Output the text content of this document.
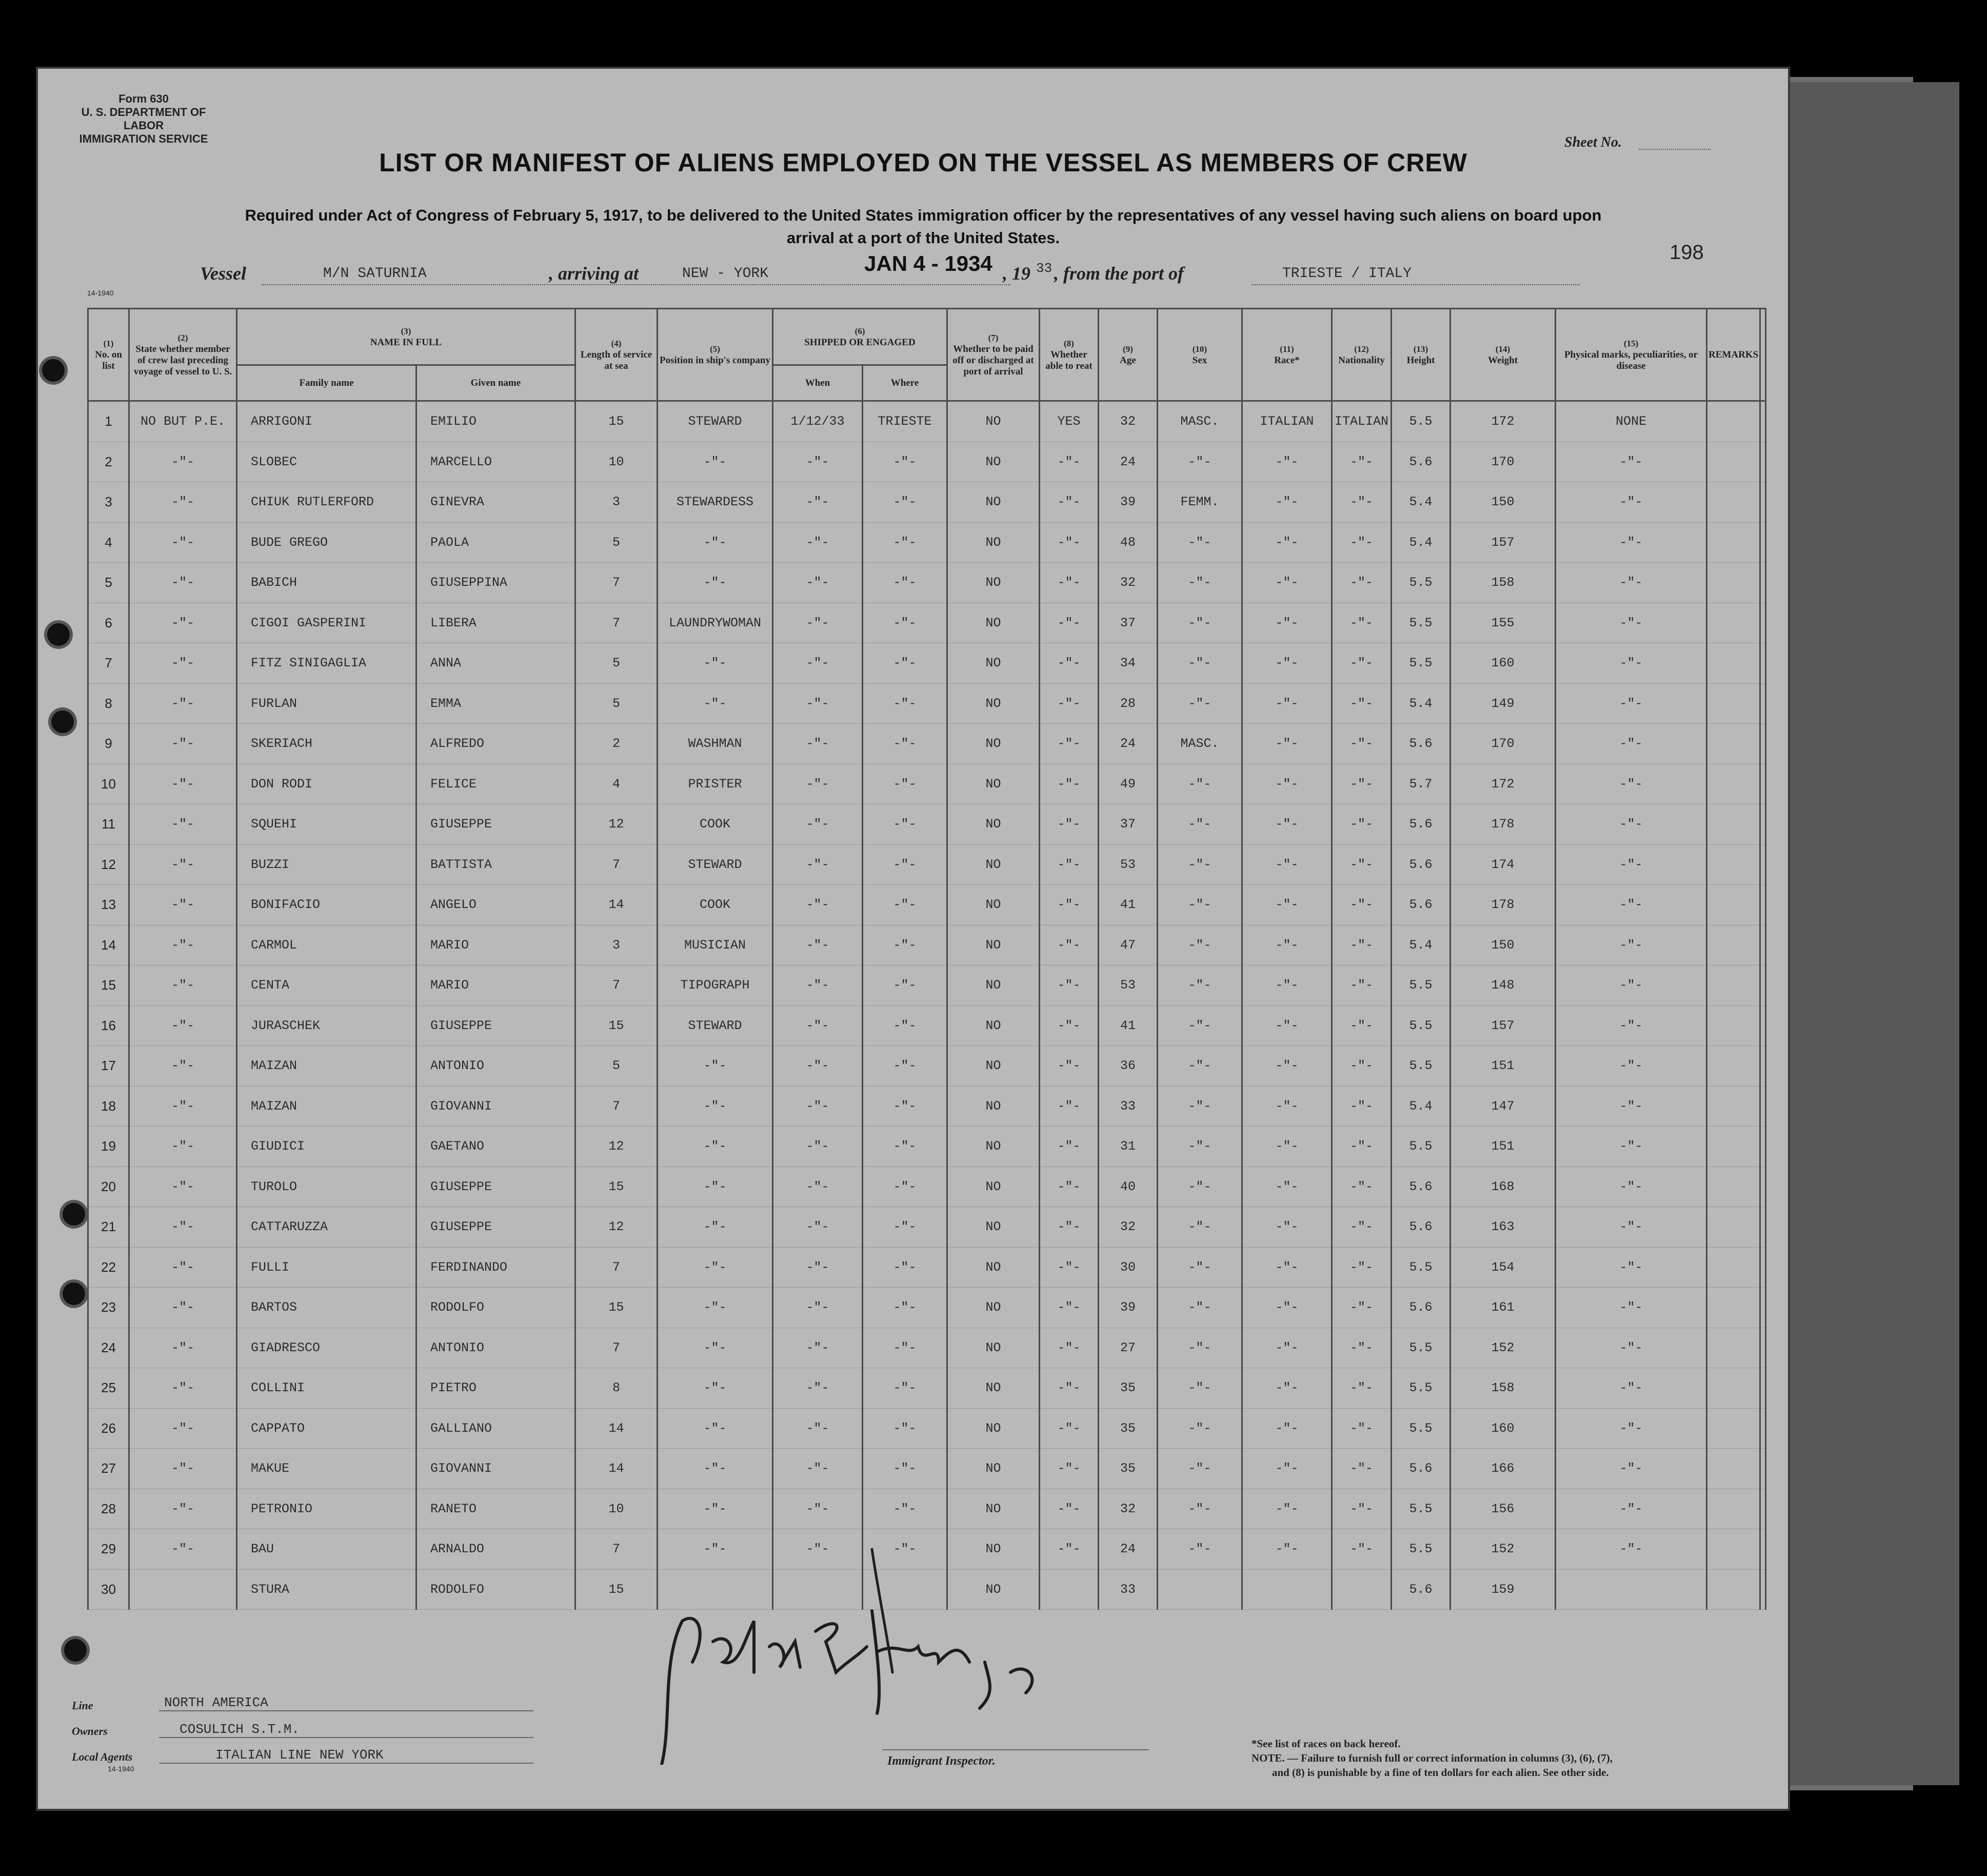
Form 630
U. S. DEPARTMENT OF LABOR
IMMIGRATION SERVICE	Sheet No.
LIST OR MANIFEST OF ALIENS EMPLOYED ON THE VESSEL AS MEMBERS OF CREW
Required under Act of Congress of February 5, 1917, to be delivered to the United States immigration officer by the representatives of any vessel having such aliens on board upon
arrival at a port of the United States.
198
Vessel	M/N SATURNIA	, arriving at	NEW - YORK	JAN 4 - 1934 , 19 33 , from the port of	TRIESTE / ITALY
14-1940
(1)
No. on list	(2)
State whether member of crew last preceding voyage of vessel to U. S.	(3)
NAME IN FULL		(4)
Length of service at sea	(5)
Position in ship's company	(6)
SHIPPED OR ENGAGED		(7)
Whether to be paid off or discharged at port of arrival	(8)
Whether able to reat	(9)
Age	(10)
Sex	(11)
Race*	(12)
Nationality	(13)
Height	(14)
Weight	(15)
Physical marks, peculiarities, or disease	REMARKS	
		Family name	Given name			When	Where											
1	NO BUT P.E.	ARRIGONI	EMILIO	15	STEWARD	1/12/33	TRIESTE	NO	YES	32	MASC.	ITALIAN	ITALIAN	5.5	172	NONE		
2	-"-	SLOBEC	MARCELLO	10	-"-	-"-	-"-	NO	-"-	24	-"-	-"-	-"-	5.6	170	-"-		
3	-"-	CHIUK RUTLERFORD	GINEVRA	3	STEWARDESS	-"-	-"-	NO	-"-	39	FEMM.	-"-	-"-	5.4	150	-"-		
4	-"-	BUDE GREGO	PAOLA	5	-"-	-"-	-"-	NO	-"-	48	-"-	-"-	-"-	5.4	157	-"-		
5	-"-	BABICH	GIUSEPPINA	7	-"-	-"-	-"-	NO	-"-	32	-"-	-"-	-"-	5.5	158	-"-		
6	-"-	CIGOI GASPERINI	LIBERA	7	LAUNDRYWOMAN	-"-	-"-	NO	-"-	37	-"-	-"-	-"-	5.5	155	-"-		
7	-"-	FITZ SINIGAGLIA	ANNA	5	-"-	-"-	-"-	NO	-"-	34	-"-	-"-	-"-	5.5	160	-"-		
8	-"-	FURLAN	EMMA	5	-"-	-"-	-"-	NO	-"-	28	-"-	-"-	-"-	5.4	149	-"-		
9	-"-	SKERIACH	ALFREDO	2	WASHMAN	-"-	-"-	NO	-"-	24	MASC.	-"-	-"-	5.6	170	-"-		
10	-"-	DON RODI	FELICE	4	PRISTER	-"-	-"-	NO	-"-	49	-"-	-"-	-"-	5.7	172	-"-		
11	-"-	SQUEHI	GIUSEPPE	12	COOK	-"-	-"-	NO	-"-	37	-"-	-"-	-"-	5.6	178	-"-		
12	-"-	BUZZI	BATTISTA	7	STEWARD	-"-	-"-	NO	-"-	53	-"-	-"-	-"-	5.6	174	-"-		
13	-"-	BONIFACIO	ANGELO	14	COOK	-"-	-"-	NO	-"-	41	-"-	-"-	-"-	5.6	178	-"-		
14	-"-	CARMOL	MARIO	3	MUSICIAN	-"-	-"-	NO	-"-	47	-"-	-"-	-"-	5.4	150	-"-		
15	-"-	CENTA	MARIO	7	TIPOGRAPH	-"-	-"-	NO	-"-	53	-"-	-"-	-"-	5.5	148	-"-		
16	-"-	JURASCHEK	GIUSEPPE	15	STEWARD	-"-	-"-	NO	-"-	41	-"-	-"-	-"-	5.5	157	-"-		
17	-"-	MAIZAN	ANTONIO	5	-"-	-"-	-"-	NO	-"-	36	-"-	-"-	-"-	5.5	151	-"-		
18	-"-	MAIZAN	GIOVANNI	7	-"-	-"-	-"-	NO	-"-	33	-"-	-"-	-"-	5.4	147	-"-		
19	-"-	GIUDICI	GAETANO	12	-"-	-"-	-"-	NO	-"-	31	-"-	-"-	-"-	5.5	151	-"-		
20	-"-	TUROLO	GIUSEPPE	15	-"-	-"-	-"-	NO	-"-	40	-"-	-"-	-"-	5.6	168	-"-		
21	-"-	CATTARUZZA	GIUSEPPE	12	-"-	-"-	-"-	NO	-"-	32	-"-	-"-	-"-	5.6	163	-"-		
22	-"-	FULLI	FERDINANDO	7	-"-	-"-	-"-	NO	-"-	30	-"-	-"-	-"-	5.5	154	-"-		
23	-"-	BARTOS	RODOLFO	15	-"-	-"-	-"-	NO	-"-	39	-"-	-"-	-"-	5.6	161	-"-		
24	-"-	GIADRESCO	ANTONIO	7	-"-	-"-	-"-	NO	-"-	27	-"-	-"-	-"-	5.5	152	-"-		
25	-"-	COLLINI	PIETRO	8	-"-	-"-	-"-	NO	-"-	35	-"-	-"-	-"-	5.5	158	-"-		
26	-"-	CAPPATO	GALLIANO	14	-"-	-"-	-"-	NO	-"-	35	-"-	-"-	-"-	5.5	160	-"-		
27	-"-	MAKUE	GIOVANNI	14	-"-	-"-	-"-	NO	-"-	35	-"-	-"-	-"-	5.6	166	-"-		
28	-"-	PETRONIO	RANETO	10	-"-	-"-	-"-	NO	-"-	32	-"-	-"-	-"-	5.5	156	-"-		
29	-"-	BAU	ARNALDO	7	-"-	-"-	-"-	NO	-"-	24	-"-	-"-	-"-	5.5	152	-"-		
30		STURA	RODOLFO	15				NO		33				5.6	159			
Line	NORTH AMERICA
Owners	COSULICH S.T.M.
Local Agents	ITALIAN LINE NEW YORK
14-1940
Immigrant Inspector.
*See list of races on back hereof.
NOTE. — Failure to furnish full or correct information in columns (3), (6), (7),
and (8) is punishable by a fine of ten dollars for each alien. See other side.
